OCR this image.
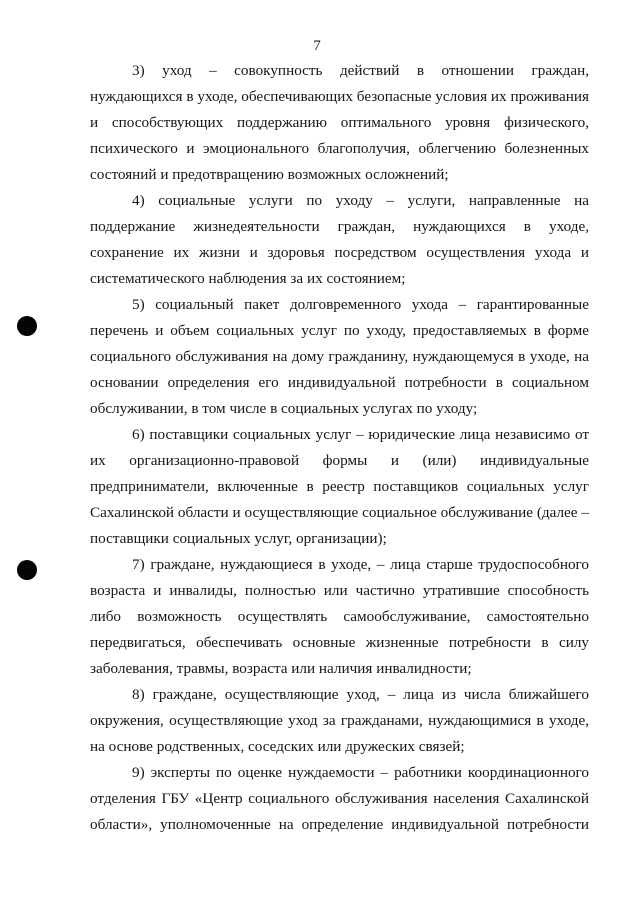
7

3) уход – совокупность действий в отношении граждан, нуждающихся в уходе, обеспечивающих безопасные условия их проживания и способствующих поддержанию оптимального уровня физического, психического и эмоционального благополучия, облегчению болезненных состояний и предотвращению возможных осложнений;

4) социальные услуги по уходу – услуги, направленные на поддержание жизнедеятельности граждан, нуждающихся в уходе, сохранение их жизни и здоровья посредством осуществления ухода и систематического наблюдения за их состоянием;

5) социальный пакет долговременного ухода – гарантированные перечень и объем социальных услуг по уходу, предоставляемых в форме социального обслуживания на дому гражданину, нуждающемуся в уходе, на основании определения его индивидуальной потребности в социальном обслуживании, в том числе в социальных услугах по уходу;

6) поставщики социальных услуг – юридические лица независимо от их организационно-правовой формы и (или) индивидуальные предприниматели, включенные в реестр поставщиков социальных услуг Сахалинской области и осуществляющие социальное обслуживание (далее – поставщики социальных услуг, организации);

7) граждане, нуждающиеся в уходе, – лица старше трудоспособного возраста и инвалиды, полностью или частично утратившие способность либо возможность осуществлять самообслуживание, самостоятельно передвигаться, обеспечивать основные жизненные потребности в силу заболевания, травмы, возраста или наличия инвалидности;

8) граждане, осуществляющие уход, – лица из числа ближайшего окружения, осуществляющие уход за гражданами, нуждающимися в уходе, на основе родственных, соседских или дружеских связей;

9) эксперты по оценке нуждаемости – работники координационного отделения ГБУ «Центр социального обслуживания населения Сахалинской области», уполномоченные на определение индивидуальной потребности
